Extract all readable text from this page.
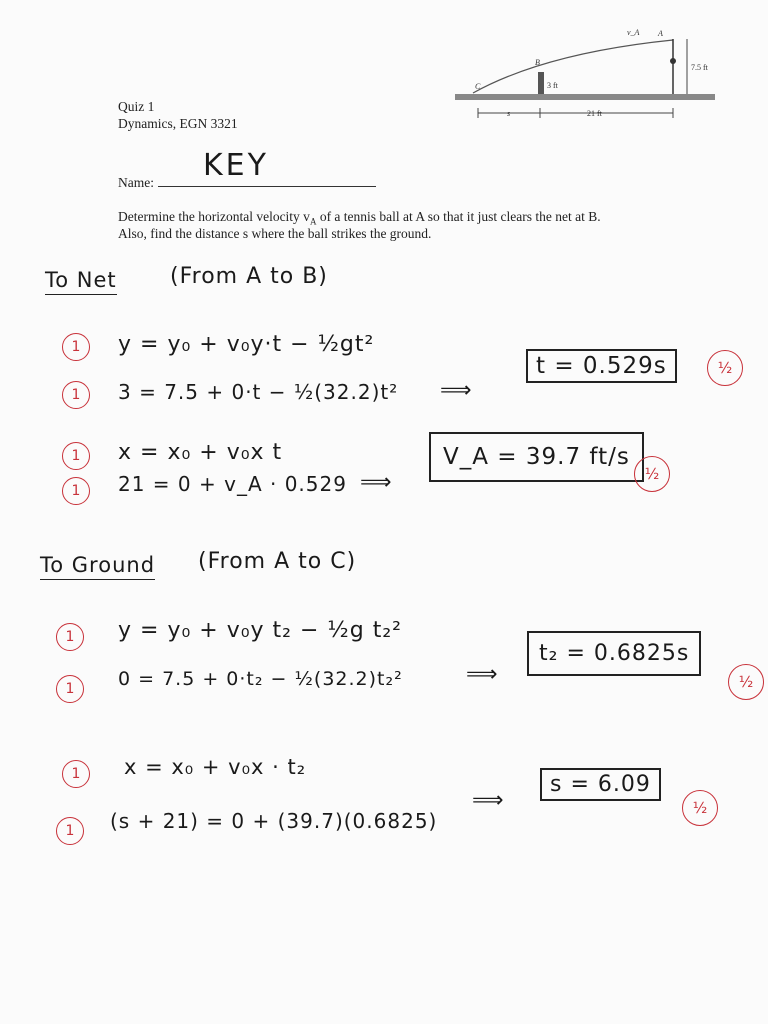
v_A A
B
C	3 ft
7.5 ft
21 ft
s
Quiz 1
Dynamics, EGN 3321
Name: KEY
Determine the horizontal velocity $v_A$ of a tennis ball at A so that it just clears the net at B.
Also, find the distance s where the ball strikes the ground.
To Net (From A to B)
1	y = y₀ + v₀y·t − ½gt²
1	3 = 7.5 + 0·t − ½(32.2)t² ⟹
t = 0.529s	½
1	x = x₀ + v₀x t
1	21 = 0 + v_A · 0.529 ⟹
V_A = 39.7 ft/s
½
To Ground (From A to C)
1	y = y₀ + v₀y t₂ − ½g t₂²
1	0 = 7.5 + 0·t₂ − ½(32.2)t₂²	⟹
t₂ = 0.6825s
½
1	x = x₀ + v₀x · t₂
1	(s + 21) = 0 + (39.7)(0.6825)
⟹
s = 6.09
½
